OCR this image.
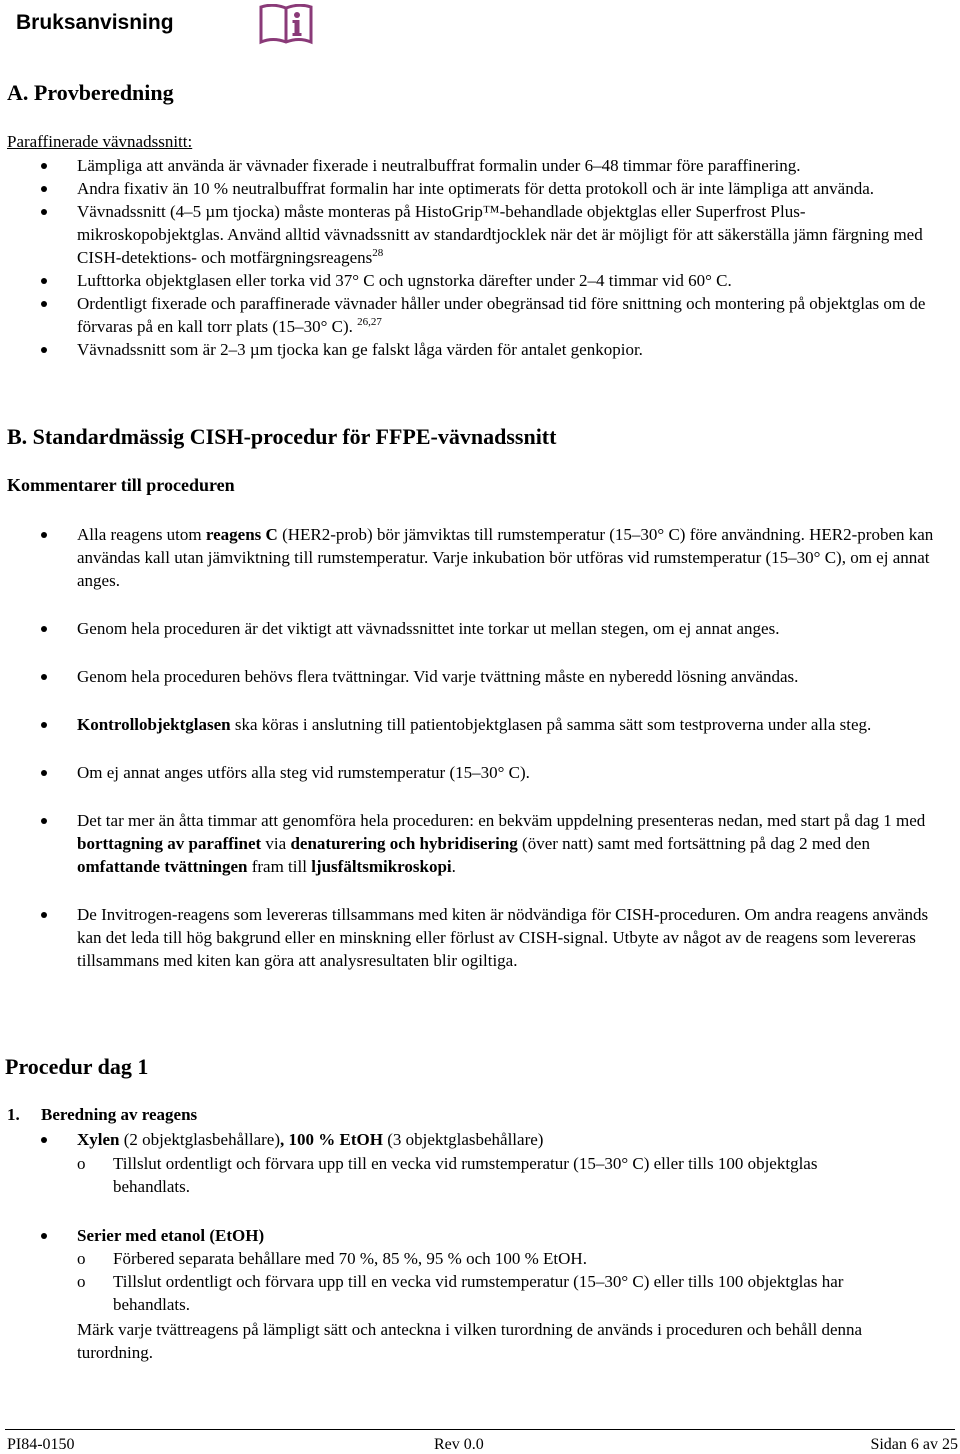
Bruksanvisning
A. Provberedning
Paraffinerade vävnadssnitt:
Lämpliga att använda är vävnader fixerade i neutralbuffrat formalin under 6–48 timmar före paraffinering.
Andra fixativ än 10 % neutralbuffrat formalin har inte optimerats för detta protokoll och är inte lämpliga att använda.
Vävnadssnitt (4–5 µm tjocka) måste monteras på HistoGrip™-behandlade objektglas eller Superfrost Plus-mikroskopobjektglas. Använd alltid vävnadssnitt av standardtjocklek när det är möjligt för att säkerställa jämn färgning med CISH-detektions- och motfärgningsreagens$^{28}$
Lufttorka objektglasen eller torka vid 37° C och ugnstorka därefter under 2–4 timmar vid 60° C.
Ordentligt fixerade och paraffinerade vävnader håller under obegränsad tid före snittning och montering på objektglas om de förvaras på en kall torr plats (15–30° C). $^{26,27}$
Vävnadssnitt som är 2–3 µm tjocka kan ge falskt låga värden för antalet genkopior.
B. Standardmässig CISH-procedur för FFPE-vävnadssnitt
Kommentarer till proceduren
Alla reagens utom reagens C (HER2-prob) bör jämviktas till rumstemperatur (15–30° C) före användning. HER2-proben kan användas kall utan jämviktning till rumstemperatur. Varje inkubation bör utföras vid rumstemperatur (15–30° C), om ej annat anges.
Genom hela proceduren är det viktigt att vävnadssnittet inte torkar ut mellan stegen, om ej annat anges.
Genom hela proceduren behövs flera tvättningar. Vid varje tvättning måste en nyberedd lösning användas.
Kontrollobjektglasen ska köras i anslutning till patientobjektglasen på samma sätt som testproverna under alla steg.
Om ej annat anges utförs alla steg vid rumstemperatur (15–30° C).
Det tar mer än åtta timmar att genomföra hela proceduren: en bekväm uppdelning presenteras nedan, med start på dag 1 med borttagning av paraffinet via denaturering och hybridisering (över natt) samt med fortsättning på dag 2 med den omfattande tvättningen fram till ljusfältsmikroskopi.
De Invitrogen-reagens som levereras tillsammans med kiten är nödvändiga för CISH-proceduren. Om andra reagens används kan det leda till hög bakgrund eller en minskning eller förlust av CISH-signal. Utbyte av något av de reagens som levereras tillsammans med kiten kan göra att analysresultaten blir ogiltiga.
Procedur dag 1
1. Beredning av reagens
Xylen (2 objektglasbehållare), 100 % EtOH (3 objektglasbehållare)
o Tillslut ordentligt och förvara upp till en vecka vid rumstemperatur (15–30° C) eller tills 100 objektglas behandlats.
Serier med etanol (EtOH)
o Förbered separata behållare med 70 %, 85 %, 95 % och 100 % EtOH.
o Tillslut ordentligt och förvara upp till en vecka vid rumstemperatur (15–30° C) eller tills 100 objektglas har behandlats.
Märk varje tvättreagens på lämpligt sätt och anteckna i vilken turordning de används i proceduren och behåll denna turordning.
PI84-0150	Rev 0.0	Sidan 6 av 25
